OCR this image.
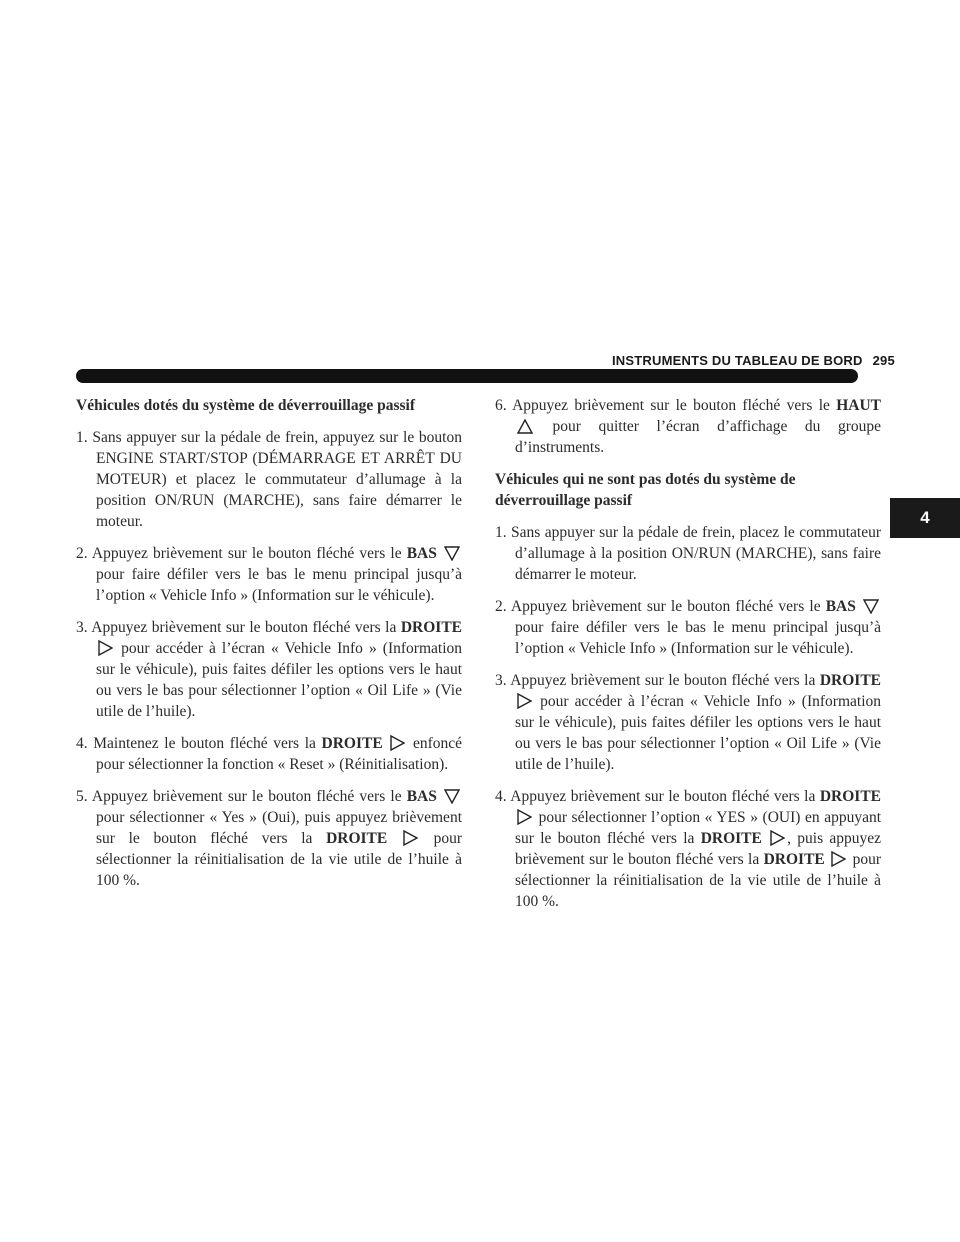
INSTRUMENTS DU TABLEAU DE BORD 295
4

Véhicules dotés du système de déverrouillage passif

1. Sans appuyer sur la pédale de frein, appuyez sur le bouton ENGINE START/STOP (DÉMARRAGE ET ARRÊT DU MOTEUR) et placez le commutateur d’allumage à la position ON/RUN (MARCHE), sans faire démarrer le moteur.

2. Appuyez brièvement sur le bouton fléché vers le BAS  pour faire défiler vers le bas le menu principal jusqu’à l’option « Vehicle Info » (Information sur le véhicule).

3. Appuyez brièvement sur le bouton fléché vers la DROITE  pour accéder à l’écran « Vehicle Info » (Information sur le véhicule), puis faites défiler les options vers le haut ou vers le bas pour sélectionner l’option « Oil Life » (Vie utile de l’huile).

4. Maintenez le bouton fléché vers la DROITE enfoncé pour sélectionner la fonction « Reset » (Réinitialisation).

5. Appuyez brièvement sur le bouton fléché vers le BAS  pour sélectionner « Yes » (Oui), puis appuyez brièvement sur le bouton fléché vers la DROITE	pour sélectionner la réinitialisation de la vie utile de l’huile à 100 %.

6. Appuyez brièvement sur le bouton fléché vers le HAUT  pour quitter l’écran d’affichage du groupe d’instruments.

Véhicules qui ne sont pas dotés du système de déverrouillage passif

1. Sans appuyer sur la pédale de frein, placez le commutateur d’allumage à la position ON/RUN (MARCHE), sans faire démarrer le moteur.

2. Appuyez brièvement sur le bouton fléché vers le BAS  pour faire défiler vers le bas le menu principal jusqu’à l’option « Vehicle Info » (Information sur le véhicule).

3. Appuyez brièvement sur le bouton fléché vers la DROITE  pour accéder à l’écran « Vehicle Info » (Information sur le véhicule), puis faites défiler les options vers le haut ou vers le bas pour sélectionner l’option « Oil Life » (Vie utile de l’huile).

4. Appuyez brièvement sur le bouton fléché vers la DROITE  pour sélectionner l’option « YES » (OUI) en appuyant sur le bouton fléché vers la DROITE , puis appuyez brièvement sur le bouton fléché vers la DROITE pour sélectionner la réinitialisation de la vie utile de l’huile à 100 %.
